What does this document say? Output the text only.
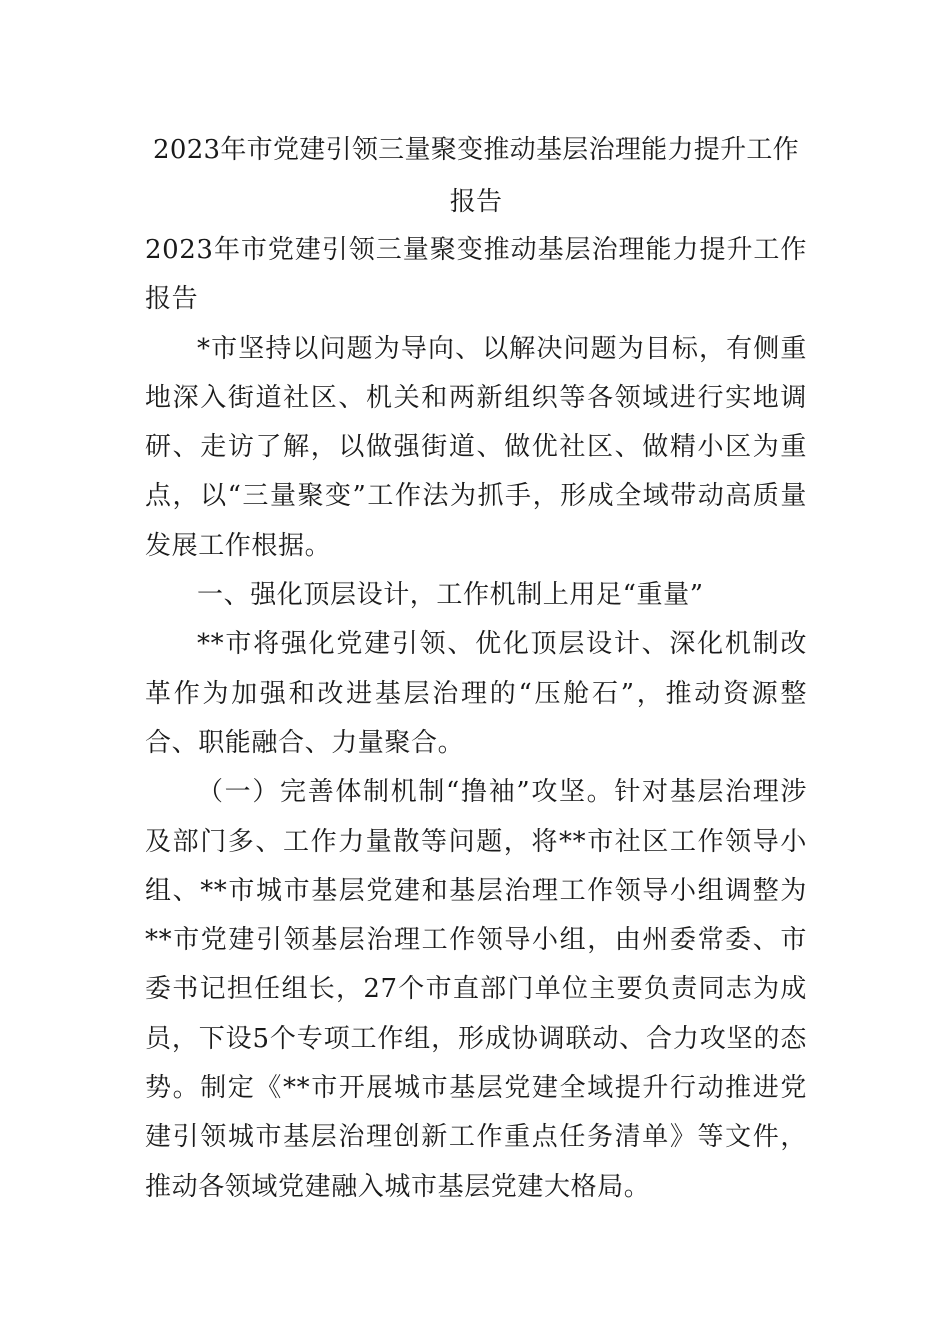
2023年市党建引领三量聚变推动基层治理能力提升工作报告

2023年市党建引领三量聚变推动基层治理能力提升工作报告

*市坚持以问题为导向、以解决问题为目标，有侧重地深入街道社区、机关和两新组织等各领域进行实地调研、走访了解，以做强街道、做优社区、做精小区为重点，以“三量聚变”工作法为抓手，形成全域带动高质量发展工作根据。

一、强化顶层设计，工作机制上用足“重量”

**市将强化党建引领、优化顶层设计、深化机制改革作为加强和改进基层治理的“压舱石”，推动资源整合、职能融合、力量聚合。

（一）完善体制机制“撸袖”攻坚。针对基层治理涉及部门多、工作力量散等问题，将**市社区工作领导小组、**市城市基层党建和基层治理工作领导小组调整为**市党建引领基层治理工作领导小组，由州委常委、市委书记担任组长，27个市直部门单位主要负责同志为成员，下设5个专项工作组，形成协调联动、合力攻坚的态势。制定《**市开展城市基层党建全域提升行动推进党建引领城市基层治理创新工作重点任务清单》等文件，推动各领域党建融入城市基层党建大格局。
